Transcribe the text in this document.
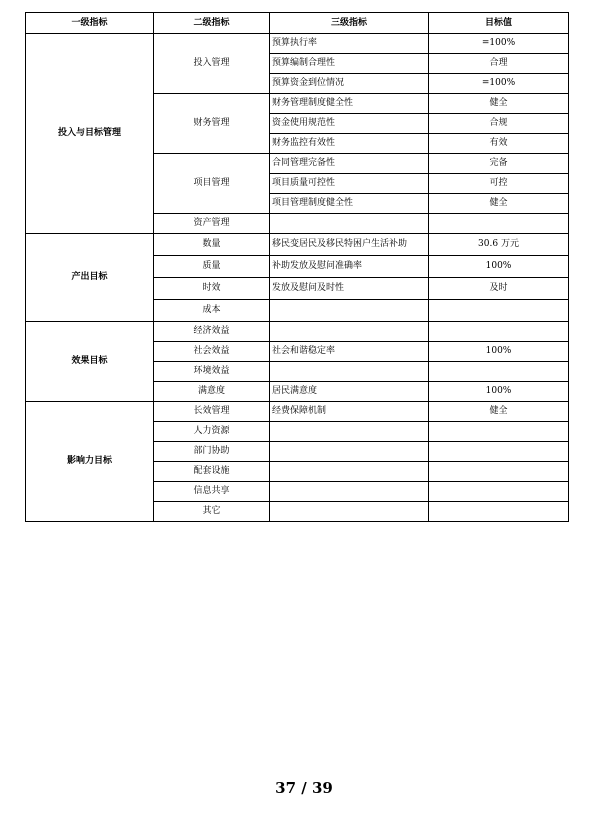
一级指标	二级指标	三级指标	目标值
投入与目标管理	投入管理	预算执行率	=100%
		预算编制合理性	合理
		预算资金到位情况	=100%
	财务管理	财务管理制度健全性	健全
		资金使用规范性	合规
		财务监控有效性	有效
	项目管理	合同管理完备性	完备
		项目质量可控性	可控
		项目管理制度健全性	健全
	资产管理		
产出目标	数量	移民变居民及移民特困户生活补助	30.6 万元
	质量	补助发放及慰问准确率	100%
	时效	发放及慰问及时性	及时
	成本		
效果目标	经济效益		
	社会效益	社会和谐稳定率	100%
	环境效益		
	满意度	居民满意度	100%
影响力目标	长效管理	经费保障机制	健全
	人力资源		
	部门协助		
	配套设施		
	信息共享		
	其它		
37 / 39
